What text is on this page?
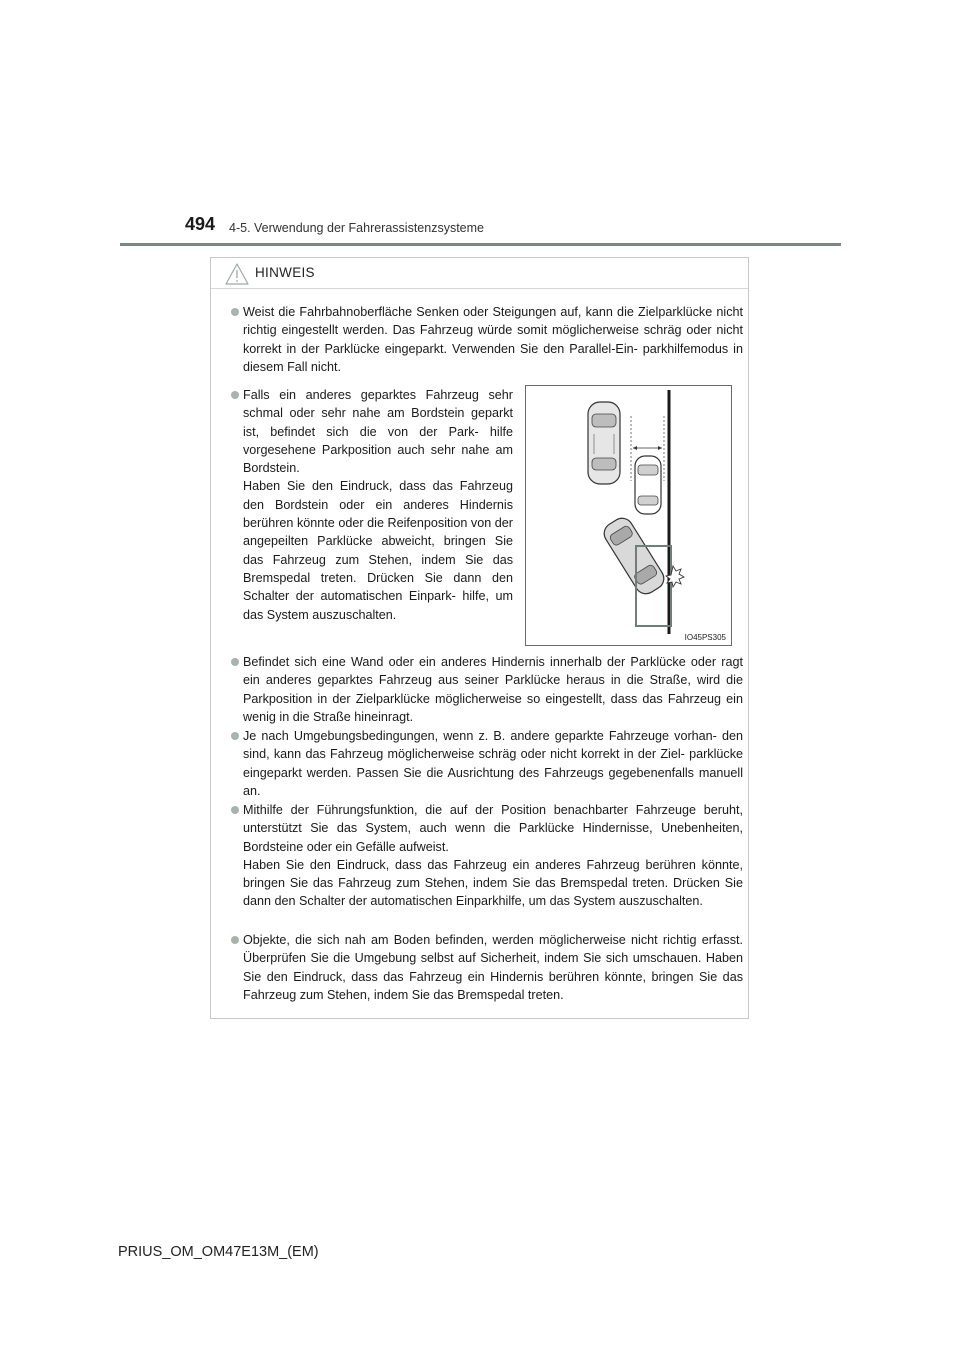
494 4-5. Verwendung der Fahrerassistenzsysteme
HINWEIS

Weist die Fahrbahnoberfläche Senken oder Steigungen auf, kann die Zielparklücke nicht richtig eingestellt werden. Das Fahrzeug würde somit möglicherweise schräg oder nicht korrekt in der Parklücke eingeparkt. Verwenden Sie den Parallel-Ein- parkhilfemodus in diesem Fall nicht.

Falls ein anderes geparktes Fahrzeug sehr schmal oder sehr nahe am Bordstein geparkt ist, befindet sich die von der Park- hilfe vorgesehene Parkposition auch sehr nahe am Bordstein.

Haben Sie den Eindruck, dass das Fahrzeug den Bordstein oder ein anderes Hindernis berühren könnte oder die Reifenposition von der angepeilten Parklücke abweicht, bringen Sie das Fahrzeug zum Stehen, indem Sie das Bremspedal treten. Drücken Sie dann den Schalter der automatischen Einpark- hilfe, um das System auszuschalten.

IO45PS305

Befindet sich eine Wand oder ein anderes Hindernis innerhalb der Parklücke oder ragt ein anderes geparktes Fahrzeug aus seiner Parklücke heraus in die Straße, wird die Parkposition in der Zielparklücke möglicherweise so eingestellt, dass das Fahrzeug ein wenig in die Straße hineinragt.

Je nach Umgebungsbedingungen, wenn z. B. andere geparkte Fahrzeuge vorhan- den sind, kann das Fahrzeug möglicherweise schräg oder nicht korrekt in der Ziel- parklücke eingeparkt werden. Passen Sie die Ausrichtung des Fahrzeugs gegebenenfalls manuell an.

Mithilfe der Führungsfunktion, die auf der Position benachbarter Fahrzeuge beruht, unterstützt Sie das System, auch wenn die Parklücke Hindernisse, Unebenheiten, Bordsteine oder ein Gefälle aufweist.

Haben Sie den Eindruck, dass das Fahrzeug ein anderes Fahrzeug berühren könnte, bringen Sie das Fahrzeug zum Stehen, indem Sie das Bremspedal treten. Drücken Sie dann den Schalter der automatischen Einparkhilfe, um das System auszuschalten.

Objekte, die sich nah am Boden befinden, werden möglicherweise nicht richtig erfasst. Überprüfen Sie die Umgebung selbst auf Sicherheit, indem Sie sich umschauen. Haben Sie den Eindruck, dass das Fahrzeug ein Hindernis berühren könnte, bringen Sie das Fahrzeug zum Stehen, indem Sie das Bremspedal treten.

PRIUS_OM_OM47E13M_(EM)
